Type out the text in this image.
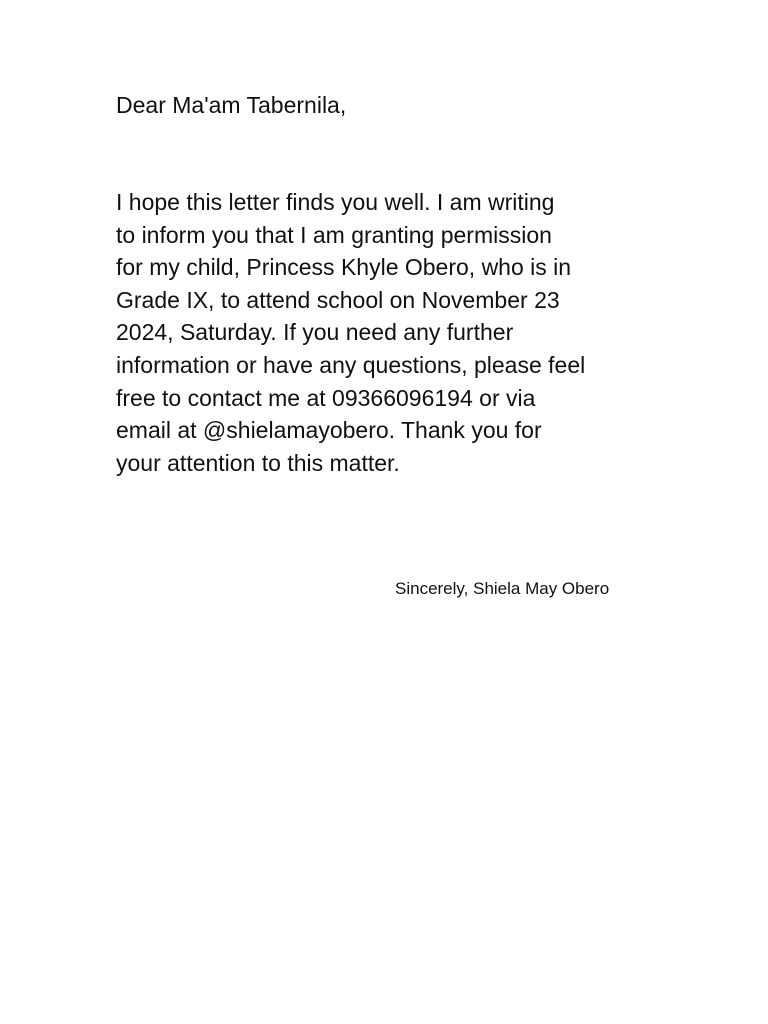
Dear Ma'am Tabernila,
I hope this letter finds you well. I am writing
to inform you that I am granting permission
for my child, Princess Khyle Obero, who is in
Grade IX, to attend school on November 23
2024, Saturday. If you need any further
information or have any questions, please feel
free to contact me at 09366096194 or via
email at @shielamayobero. Thank you for
your attention to this matter.
Sincerely, Shiela May Obero
